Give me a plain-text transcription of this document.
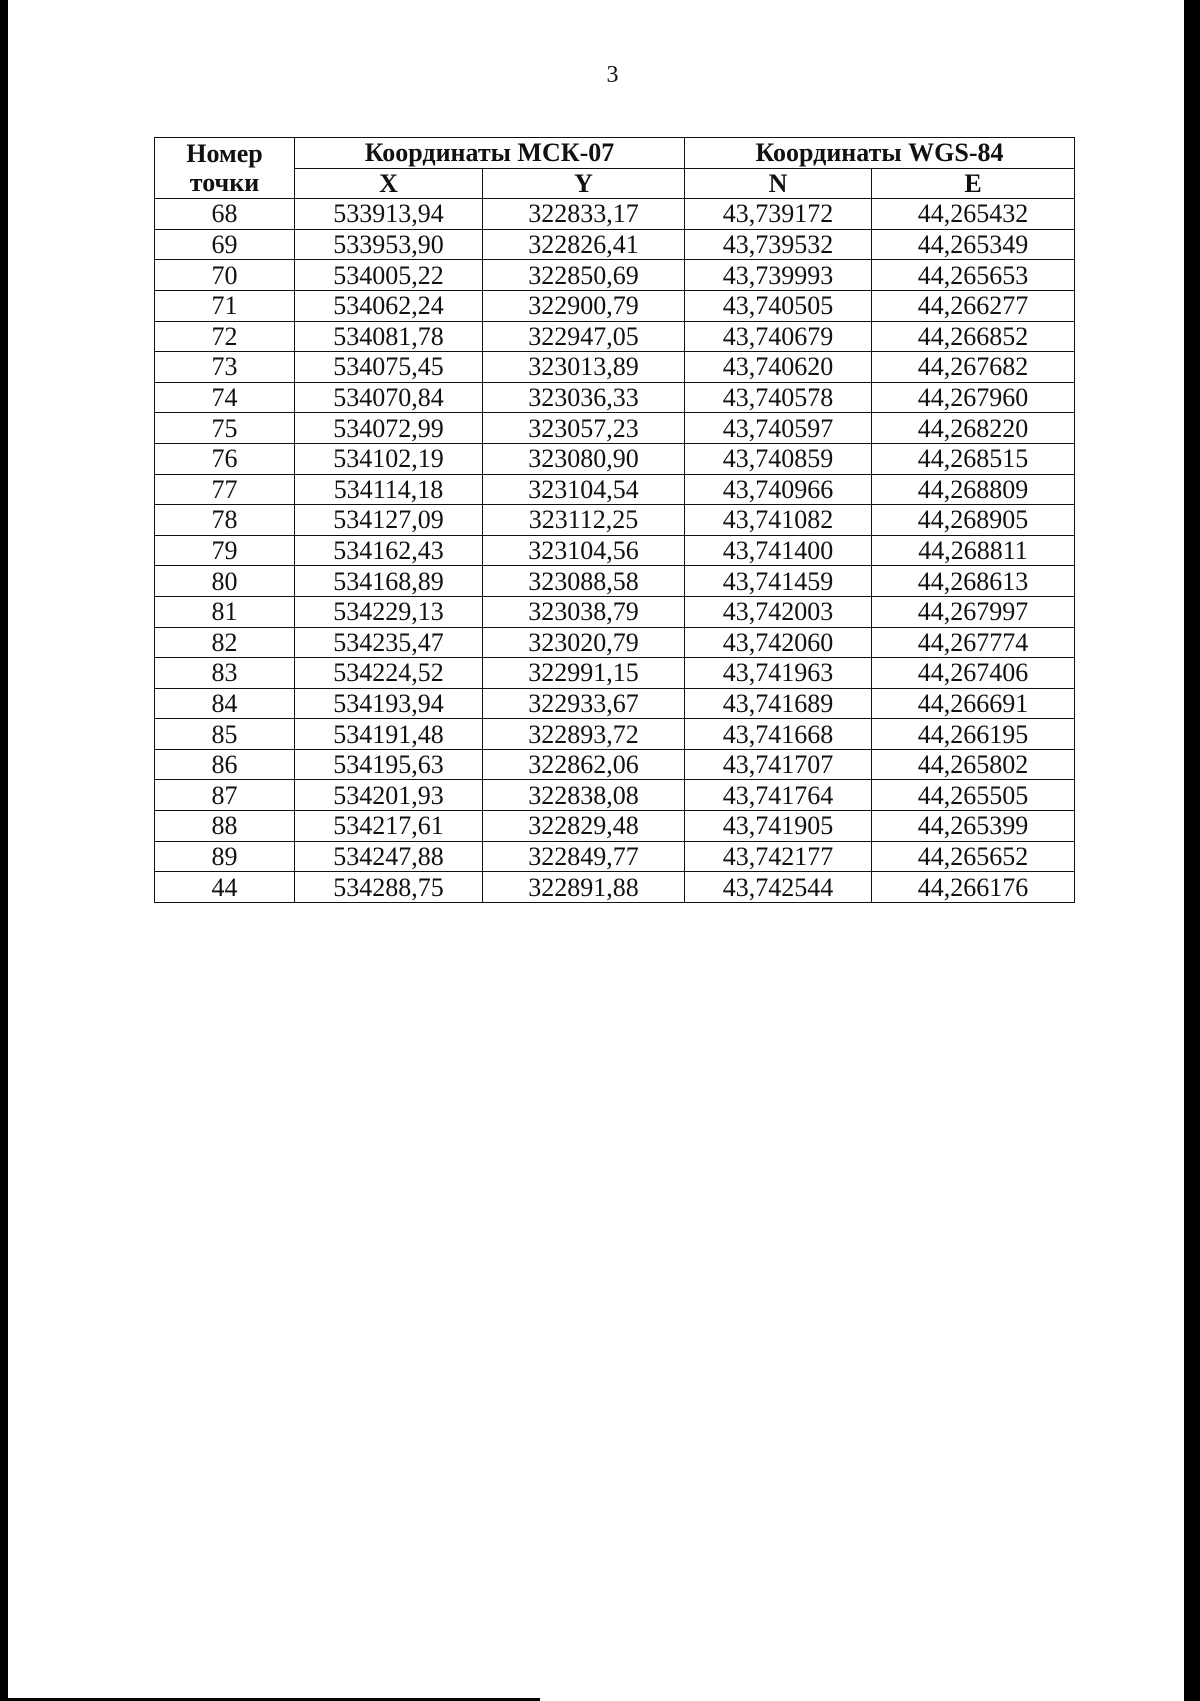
3
Номер
точки	Координаты МСК-07		Координаты WGS-84	
	X	Y	N	E
68	533913,94	322833,17	43,739172	44,265432
69	533953,90	322826,41	43,739532	44,265349
70	534005,22	322850,69	43,739993	44,265653
71	534062,24	322900,79	43,740505	44,266277
72	534081,78	322947,05	43,740679	44,266852
73	534075,45	323013,89	43,740620	44,267682
74	534070,84	323036,33	43,740578	44,267960
75	534072,99	323057,23	43,740597	44,268220
76	534102,19	323080,90	43,740859	44,268515
77	534114,18	323104,54	43,740966	44,268809
78	534127,09	323112,25	43,741082	44,268905
79	534162,43	323104,56	43,741400	44,268811
80	534168,89	323088,58	43,741459	44,268613
81	534229,13	323038,79	43,742003	44,267997
82	534235,47	323020,79	43,742060	44,267774
83	534224,52	322991,15	43,741963	44,267406
84	534193,94	322933,67	43,741689	44,266691
85	534191,48	322893,72	43,741668	44,266195
86	534195,63	322862,06	43,741707	44,265802
87	534201,93	322838,08	43,741764	44,265505
88	534217,61	322829,48	43,741905	44,265399
89	534247,88	322849,77	43,742177	44,265652
44	534288,75	322891,88	43,742544	44,266176
